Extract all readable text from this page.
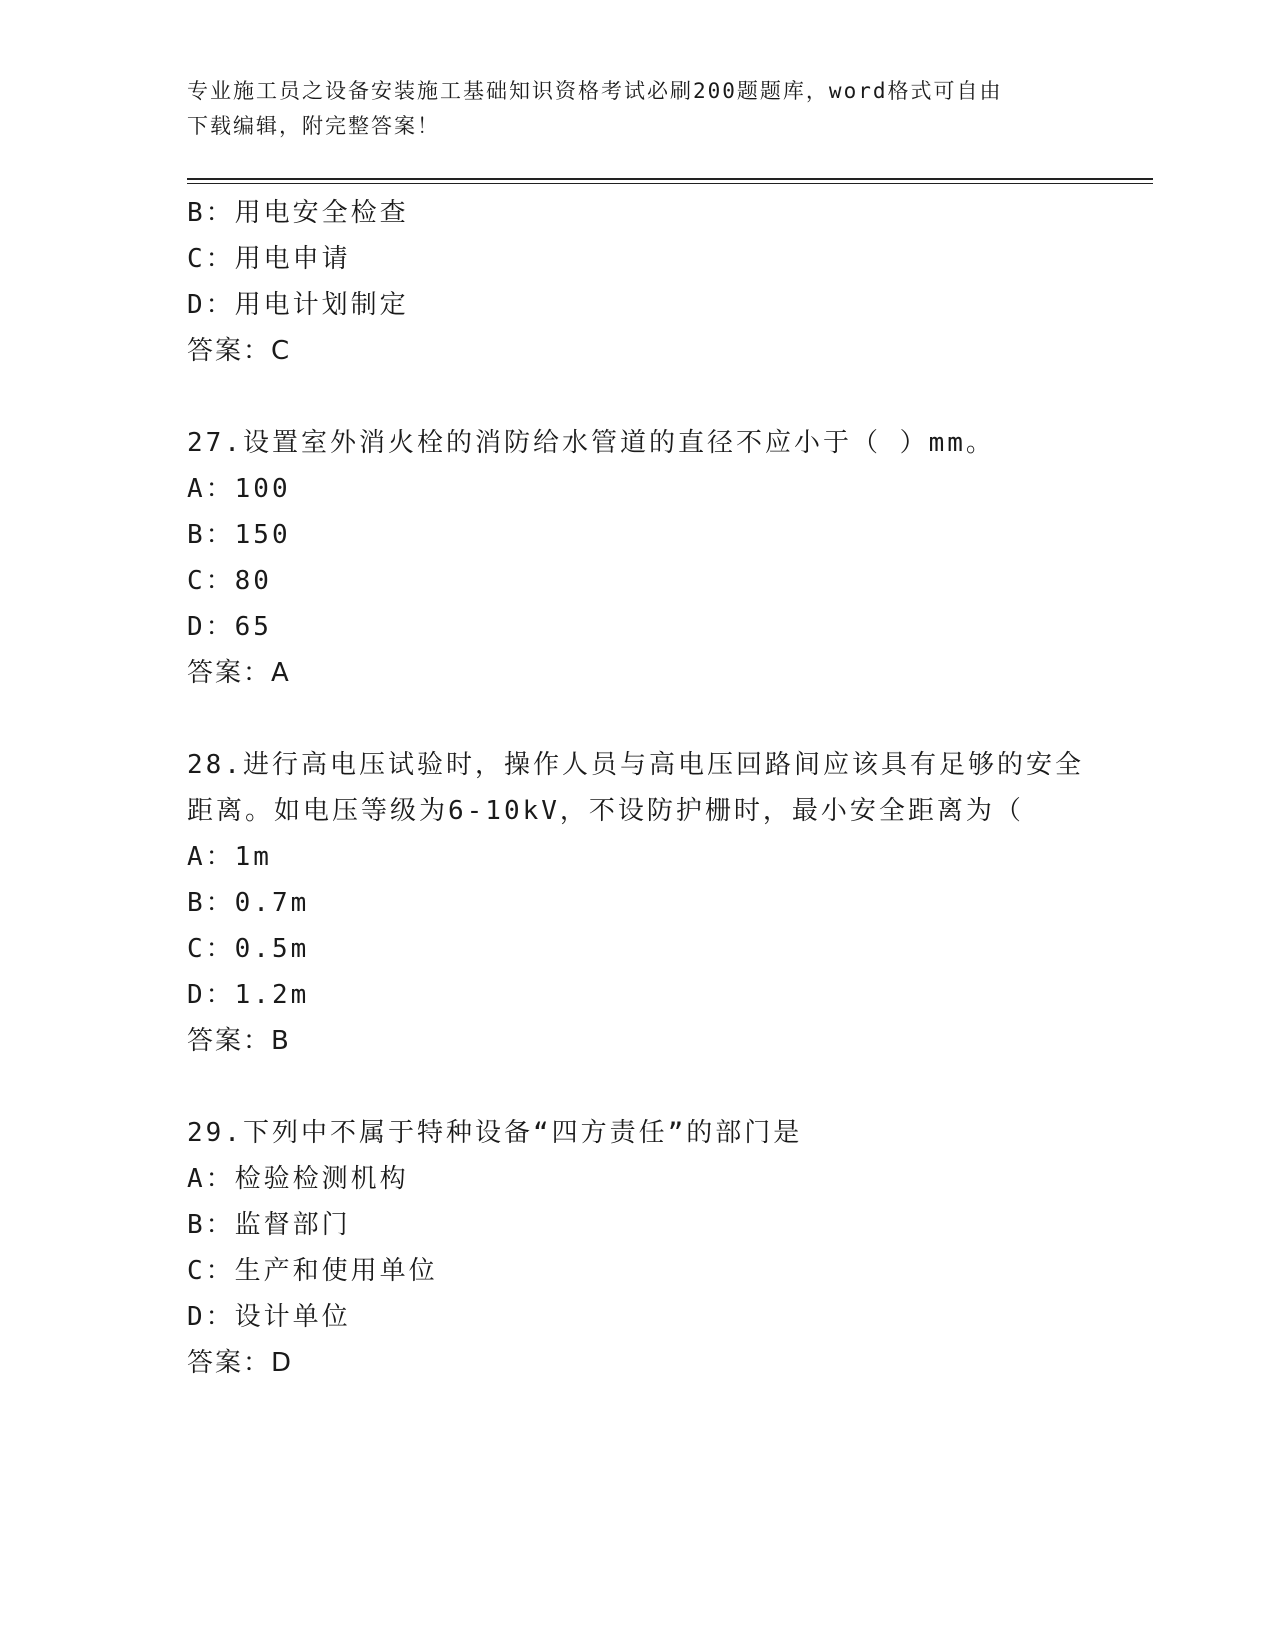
专业施工员之设备安装施工基础知识资格考试必刷200题题库，word格式可自由
下载编辑，附完整答案！
B：用电安全检查
C：用电申请
D：用电计划制定
答案：C
27.设置室外消火栓的消防给水管道的直径不应小于（ ）mm。
A：100
B：150
C：80
D：65
答案：A
28.进行高电压试验时，操作人员与高电压回路间应该具有足够的安全
距离。如电压等级为6-10kV，不设防护栅时，最小安全距离为（
A：1m
B：0.7m
C：0.5m
D：1.2m
答案：B
29.下列中不属于特种设备“四方责任”的部门是
A：检验检测机构
B：监督部门
C：生产和使用单位
D：设计单位
答案：D
